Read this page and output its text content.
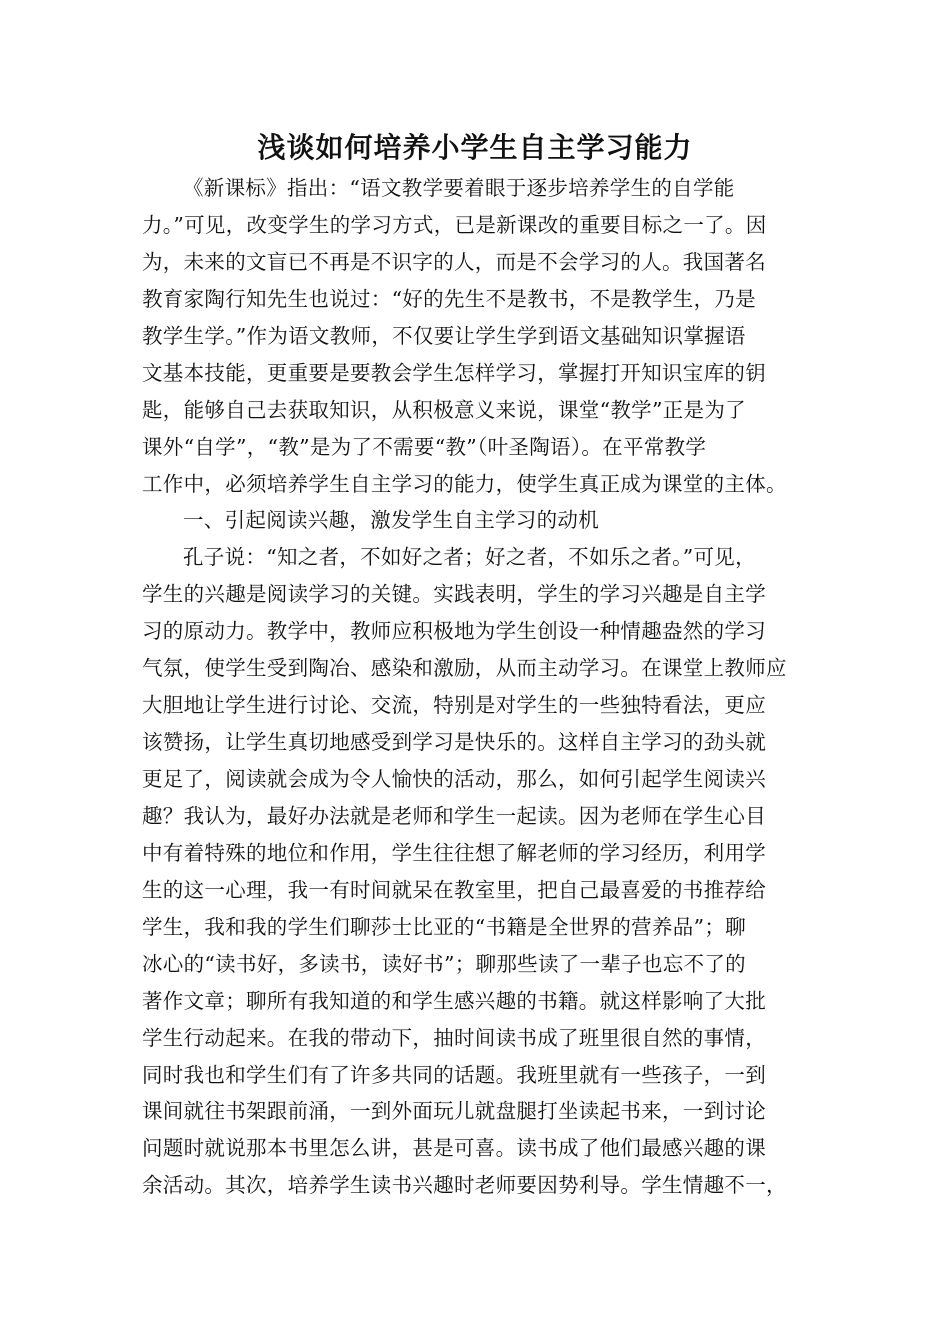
浅谈如何培养小学生自主学习能力
《新课标》指出：“语文教学要着眼于逐步培养学生的自学能
力。”可见，改变学生的学习方式，已是新课改的重要目标之一了。因
为，未来的文盲已不再是不识字的人，而是不会学习的人。我国著名
教育家陶行知先生也说过：“好的先生不是教书，不是教学生，乃是
教学生学。”作为语文教师，不仅要让学生学到语文基础知识掌握语
文基本技能，更重要是要教会学生怎样学习，掌握打开知识宝库的钥
匙，能够自己去获取知识，从积极意义来说，课堂“教学”正是为了
课外“自学”，“教”是为了不需要“教”（叶圣陶语）。在平常教学
工作中，必须培养学生自主学习的能力，使学生真正成为课堂的主体。
一、引起阅读兴趣，激发学生自主学习的动机
孔子说：“知之者，不如好之者；好之者，不如乐之者。”可见，
学生的兴趣是阅读学习的关键。实践表明，学生的学习兴趣是自主学
习的原动力。教学中，教师应积极地为学生创设一种情趣盎然的学习
气氛，使学生受到陶冶、感染和激励，从而主动学习。在课堂上教师应
大胆地让学生进行讨论、交流，特别是对学生的一些独特看法，更应
该赞扬，让学生真切地感受到学习是快乐的。这样自主学习的劲头就
更足了，阅读就会成为令人愉快的活动，那么，如何引起学生阅读兴
趣？我认为，最好办法就是老师和学生一起读。因为老师在学生心目
中有着特殊的地位和作用，学生往往想了解老师的学习经历，利用学
生的这一心理，我一有时间就呆在教室里，把自己最喜爱的书推荐给
学生，我和我的学生们聊莎士比亚的“书籍是全世界的营养品”；聊
冰心的“读书好，多读书，读好书”；聊那些读了一辈子也忘不了的
著作文章；聊所有我知道的和学生感兴趣的书籍。就这样影响了大批
学生行动起来。在我的带动下，抽时间读书成了班里很自然的事情，
同时我也和学生们有了许多共同的话题。我班里就有一些孩子，一到
课间就往书架跟前涌，一到外面玩儿就盘腿打坐读起书来，一到讨论
问题时就说那本书里怎么讲，甚是可喜。读书成了他们最感兴趣的课
余活动。其次，培养学生读书兴趣时老师要因势利导。学生情趣不一，
